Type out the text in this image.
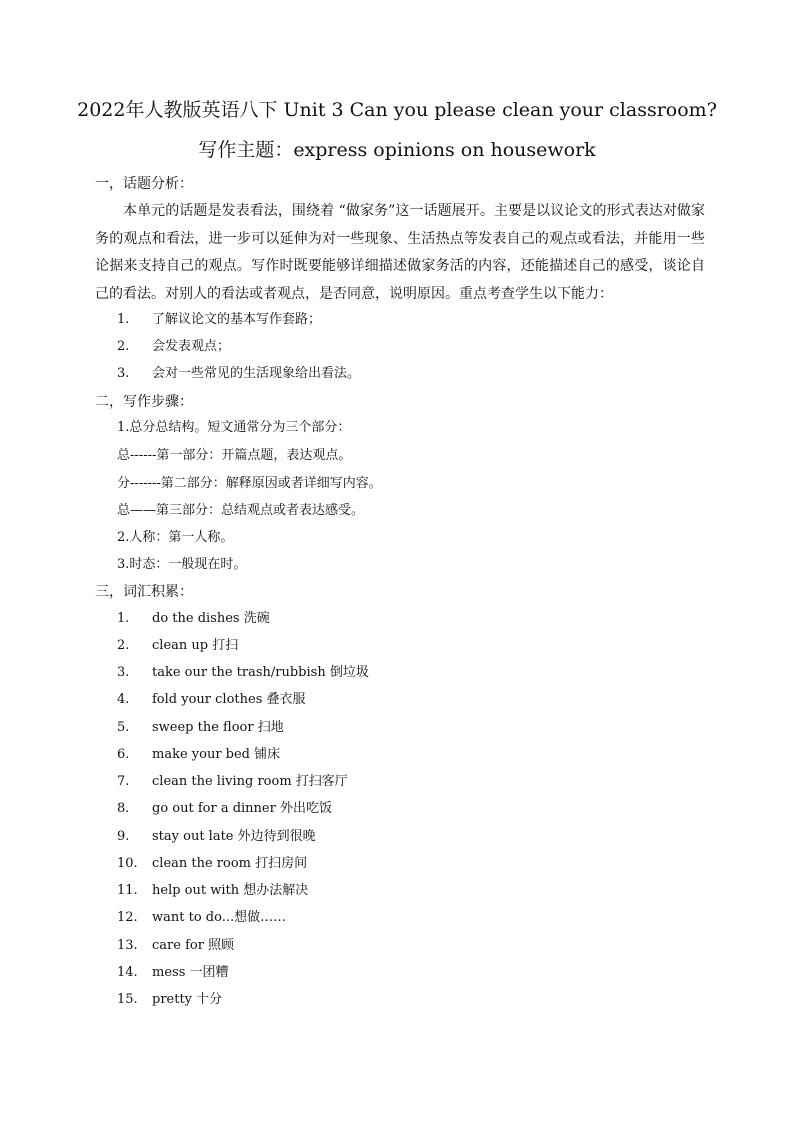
2022年人教版英语八下 Unit 3 Can you please clean your classroom?
写作主题：express opinions on housework
一，话题分析：
本单元的话题是发表看法，围绕着 “做家务”这一话题展开。主要是以议论文的形式表达对做家务的观点和看法，进一步可以延伸为对一些现象、生活热点等发表自己的观点或看法，并能用一些论据来支持自己的观点。写作时既要能够详细描述做家务活的内容，还能描述自己的感受，谈论自己的看法。对别人的看法或者观点，是否同意，说明原因。重点考查学生以下能力：
1. 了解议论文的基本写作套路；
2. 会发表观点；
3. 会对一些常见的生活现象给出看法。
二，写作步骤：
1.总分总结构。短文通常分为三个部分：
总------第一部分：开篇点题，表达观点。
分-------第二部分：解释原因或者详细写内容。
总——第三部分：总结观点或者表达感受。
2.人称：第一人称。
3.时态：一般现在时。
三，词汇积累：
1. do the dishes 洗碗
2. clean up 打扫
3. take our the trash/rubbish 倒垃圾
4. fold your clothes 叠衣服
5. sweep the floor 扫地
6. make your bed 铺床
7. clean the living room 打扫客厅
8. go out for a dinner 外出吃饭
9. stay out late 外边待到很晚
10. clean the room 打扫房间
11. help out with 想办法解决
12. want to do...想做……
13. care for 照顾
14. mess 一团糟
15. pretty 十分
